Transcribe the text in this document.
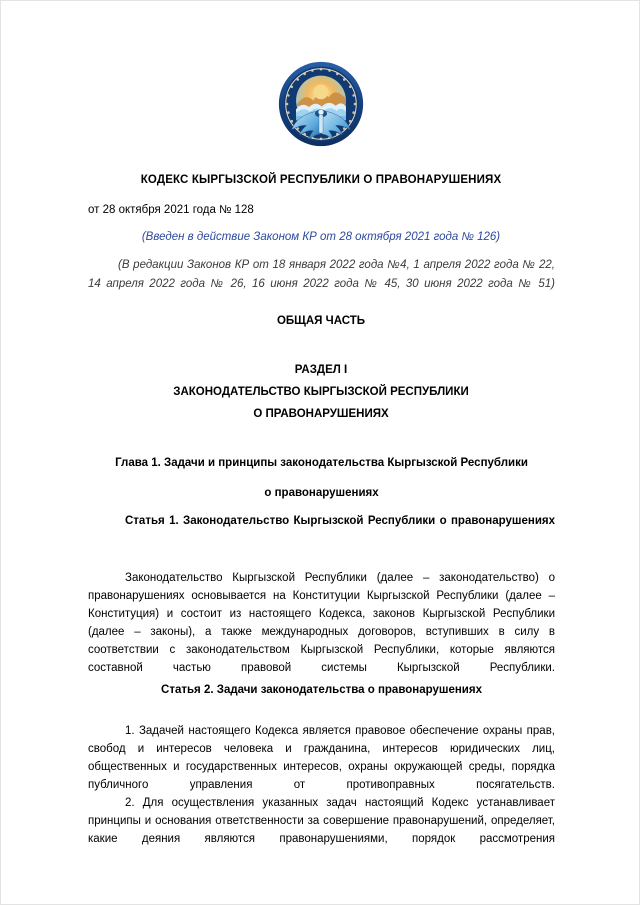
КОДЕКС КЫРГЫЗСКОЙ РЕСПУБЛИКИ О ПРАВОНАРУШЕНИЯХ
от 28 октября 2021 года № 128
(Введен в действие Законом КР от 28 октября 2021 года № 126)
(В редакции Законов КР от 18 января 2022 года №4, 1 апреля 2022 года № 22, 14 апреля 2022 года № 26, 16 июня 2022 года № 45, 30 июня 2022 года № 51)
ОБЩАЯ ЧАСТЬ
РАЗДЕЛ I
ЗАКОНОДАТЕЛЬСТВО КЫРГЫЗСКОЙ РЕСПУБЛИКИ
О ПРАВОНАРУШЕНИЯХ
Глава 1. Задачи и принципы законодательства Кыргызской Республики
о правонарушениях
Статья 1. Законодательство Кыргызской Республики о правонарушениях
Законодательство Кыргызской Республики (далее – законодательство) о правонарушениях основывается на Конституции Кыргызской Республики (далее – Конституция) и состоит из настоящего Кодекса, законов Кыргызской Республики (далее – законы), а также международных договоров, вступивших в силу в соответствии с законодательством Кыргызской Республики, которые являются составной частью правовой системы Кыргызской Республики.
Статья 2. Задачи законодательства о правонарушениях
1. Задачей настоящего Кодекса является правовое обеспечение охраны прав, свобод и интересов человека и гражданина, интересов юридических лиц, общественных и государственных интересов, охраны окружающей среды, порядка публичного управления от противоправных посягательств.
2. Для осуществления указанных задач настоящий Кодекс устанавливает принципы и основания ответственности за совершение правонарушений, определяет, какие деяния являются правонарушениями, порядок рассмотрения
